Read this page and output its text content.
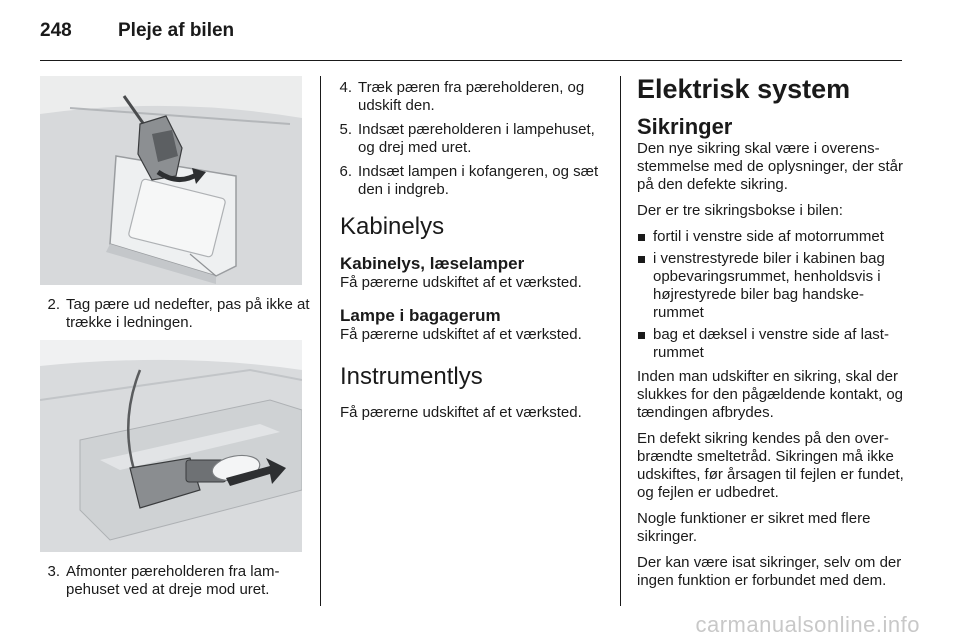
248	Pleje af bilen
2. Tag pære ud nedefter, pas på ikke at trække i ledningen.
3. Afmonter pæreholderen fra lampehuset ved at dreje mod uret.
4. Træk pæren fra pæreholderen, og udskift den.
5. Indsæt pæreholderen i lampehuset, og drej med uret.
6. Indsæt lampen i kofangeren, og sæt den i indgreb.
Kabinelys
Kabinelys, læselamper

Få pærerne udskiftet af et værksted.

Lampe i bagagerum

Få pærerne udskiftet af et værksted.

Instrumentlys

Få pærerne udskiftet af et værksted.

Elektrisk system
Sikringer

Den nye sikring skal være i overensstemmelse med de oplysninger, der står på den defekte sikring.

Der er tre sikringsbokse i bilen:

fortil i venstre side af motorrummet
i venstrestyrede biler i kabinen bag opbevaringsrummet, henholdsvis i højrestyrede biler bag handskerummet
bag et dæksel i venstre side af lastrummet

Inden man udskifter en sikring, skal der slukkes for den pågældende kontakt, og tændingen afbrydes.

En defekt sikring kendes på den overbrændte smeltetråd. Sikringen må ikke udskiftes, før årsagen til fejlen er fundet, og fejlen er udbedret.

Nogle funktioner er sikret med flere sikringer.

Der kan være isat sikringer, selv om der ingen funktion er forbundet med dem.

carmanualsonline.info
